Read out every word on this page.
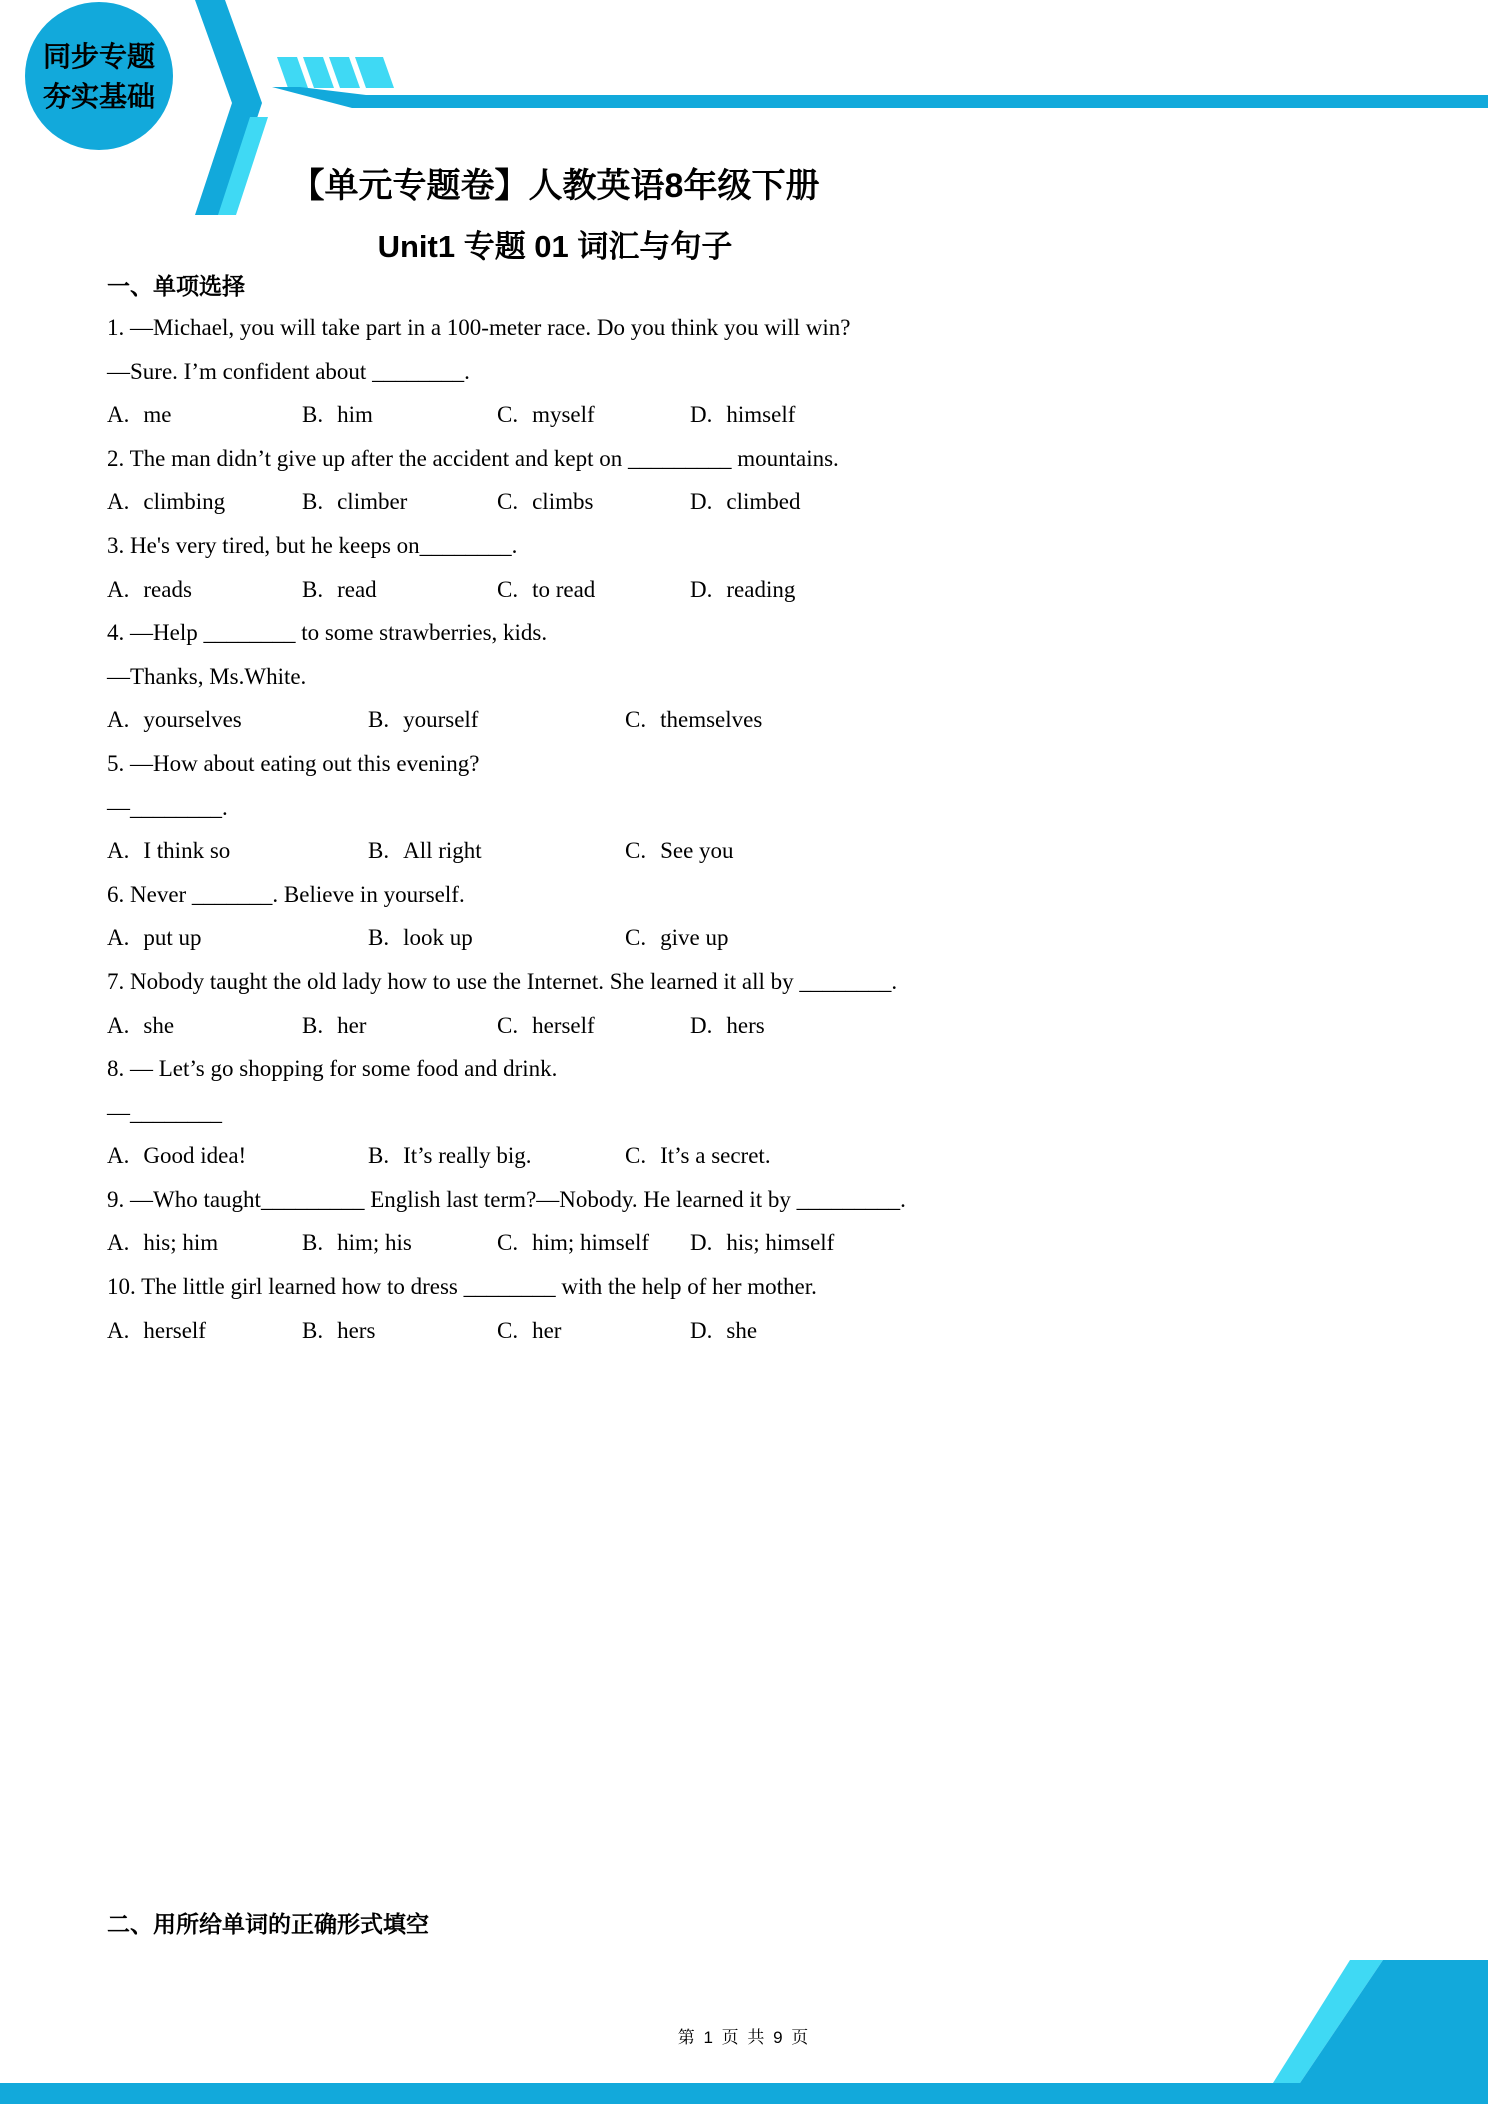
同步专题
夯实基础
【单元专题卷】人教英语8年级下册
Unit1 专题 01 词汇与句子
一、单项选择
1. —Michael, you will take part in a 100-meter race. Do you think you will win?
—Sure. I’m confident about ________.
A. me	B. him	C. myself	D. himself
2. The man didn’t give up after the accident and kept on _________ mountains.
A. climbing	B. climber	C. climbs	D. climbed
3. He's very tired, but he keeps on________.
A. reads	B. read	C. to read	D. reading
4. —Help ________ to some strawberries, kids.
—Thanks, Ms.White.
A. yourselves	B. yourself	C. themselves
5. —How about eating out this evening?
—________.
A. I think so	B. All right	C. See you
6. Never _______. Believe in yourself.
A. put up	B. look up	C. give up
7. Nobody taught the old lady how to use the Internet. She learned it all by ________.
A. she	B. her	C. herself	D. hers
8. — Let’s go shopping for some food and drink.
—________
A. Good idea!	B. It’s really big.	C. It’s a secret.
9. —Who taught_________ English last term?—Nobody. He learned it by _________.
A. his; him	B. him; his	C. him; himself D. his; himself
10. The little girl learned how to dress ________ with the help of her mother.
A. herself	B. hers	C. her	D. she
二、用所给单词的正确形式填空
第 1 页 共 9 页
